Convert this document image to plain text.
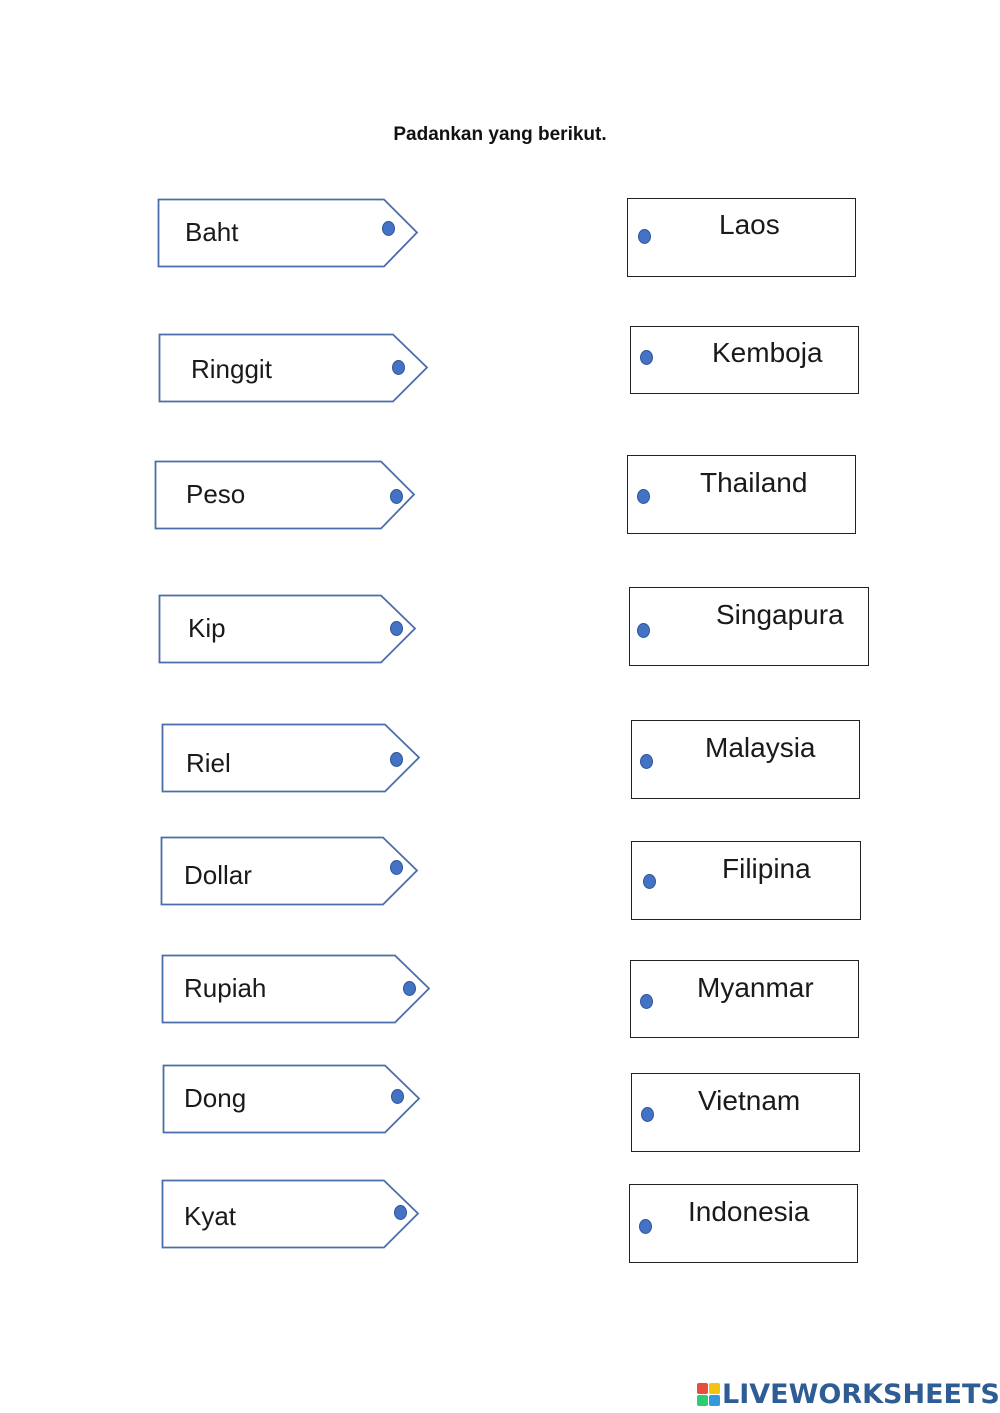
Padankan yang berikut.
Baht
Ringgit
Peso
Kip
Riel
Dollar
Rupiah
Dong
Kyat
Laos
Kemboja
Thailand
Singapura
Malaysia
Filipina
Myanmar
Vietnam
Indonesia
LIVEWORKSHEETS
